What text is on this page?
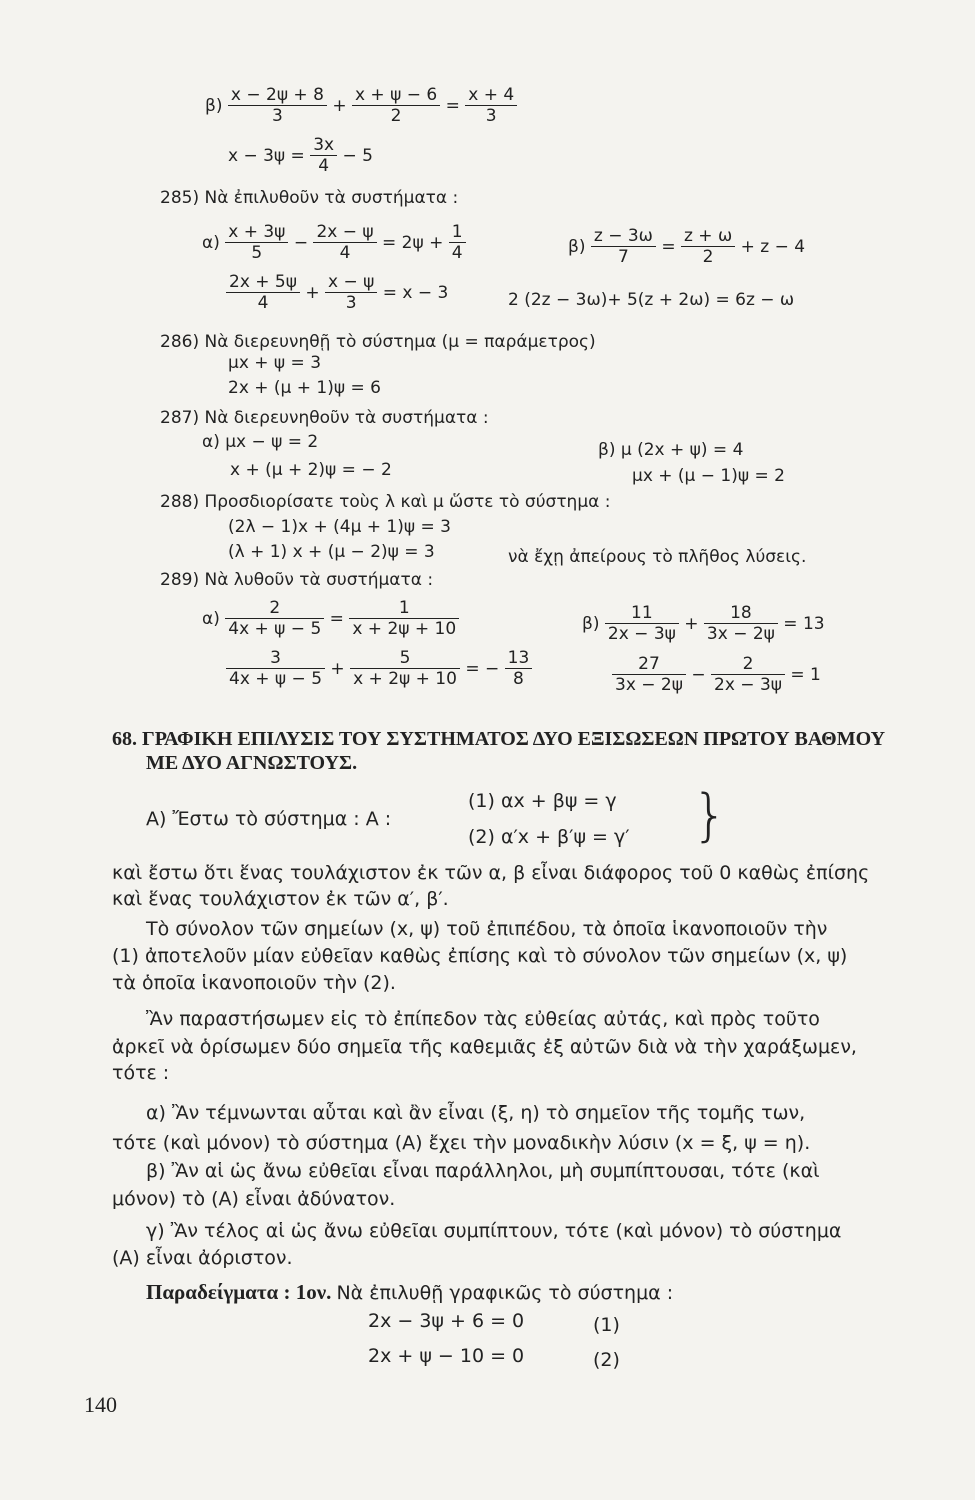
$\beta) \frac{x - 2\psi + 8}{3} + \frac{x + \psi - 6}{2} = \frac{x + 4}{3}$
$x - 3\psi = \frac{3x}{4} - 5$
285) Νὰ ἐπιλυθοῦν τὰ συστήματα :
$\alpha) \frac{x + 3\psi}{5} - \frac{2x - \psi}{4} = 2\psi + \frac{1}{4}$
$\frac{2x + 5\psi}{4} + \frac{x - \psi}{3} = x - 3$
$\beta) \frac{z - 3\omega}{7} = \frac{z + \omega}{2} + z - 4$
2 (2z − 3ω)+ 5(z + 2ω) = 6z − ω
286) Νὰ διερευνηθῇ τὸ σύστημα (μ = παράμετρος)
μx + ψ = 3
2x + (μ + 1)ψ = 6
287) Νὰ διερευνηθοῦν τὰ συστήματα :
α) μx − ψ = 2
x + (μ + 2)ψ = − 2
β) μ (2x + ψ) = 4
μx + (μ − 1)ψ = 2
288) Προσδιορίσατε τοὺς λ καὶ μ ὥστε τὸ σύστημα :
(2λ − 1)x + (4μ + 1)ψ = 3
(λ + 1) x + (μ − 2)ψ = 3	νὰ ἔχῃ ἀπείρους τὸ πλῆθος λύσεις.
289) Νὰ λυθοῦν τὰ συστήματα :
$\alpha) \frac{2}{4x + \psi - 5} = \frac{1}{x + 2\psi + 10}$
$\frac{3}{4x + \psi - 5} + \frac{5}{x + 2\psi + 10}$ = − $\frac{13}{8}$
$\beta) \frac{11}{2x - 3\psi} + \frac{18}{3x - 2\psi} = 13$
$\frac{27}{3x - 2\psi} - \frac{2}{2x - 3\psi} = 1$
68. ΓΡΑΦΙΚΗ ΕΠΙΛΥΣΙΣ ΤΟΥ ΣΥΣΤΗΜΑΤΟΣ ΔΥΟ ΕΞΙΣΩΣΕΩΝ ΠΡΩΤΟΥ ΒΑΘΜΟΥ
ΜΕ ΔΥΟ ΑΓΝΩΣΤΟΥΣ.
Α) Ἔστω τὸ σύστημα : Α :
(1) αx + βψ = γ
(2) α′x + β′ψ = γ′ }
καὶ ἔστω ὅτι ἕνας τουλάχιστον ἐκ τῶν α, β εἶναι διάφορος τοῦ 0 καθὼς ἐπίσης
καὶ ἕνας τουλάχιστον ἐκ τῶν α′, β′.
Τὸ σύνολον τῶν σημείων (x, ψ) τοῦ ἐπιπέδου, τὰ ὁποῖα ἱκανοποιοῦν τὴν
(1) ἀποτελοῦν μίαν εὐθεῖαν καθὼς ἐπίσης καὶ τὸ σύνολον τῶν σημείων (x, ψ)
τὰ ὁποῖα ἱκανοποιοῦν τὴν (2).
Ἂν παραστήσωμεν εἰς τὸ ἐπίπεδον τὰς εὐθείας αὐτάς, καὶ πρὸς τοῦτο
ἀρκεῖ νὰ ὁρίσωμεν δύο σημεῖα τῆς καθεμιᾶς ἐξ αὐτῶν διὰ νὰ τὴν χαράξωμεν,
τότε :
α) Ἂν τέμνωνται αὗται καὶ ἂν εἶναι (ξ, η) τὸ σημεῖον τῆς τομῆς των,
τότε (καὶ μόνον) τὸ σύστημα (Α) ἔχει τὴν μοναδικὴν λύσιν (x = ξ, ψ = η).
β) Ἂν αἱ ὡς ἄνω εὐθεῖαι εἶναι παράλληλοι, μὴ συμπίπτουσαι, τότε (καὶ
μόνον) τὸ (Α) εἶναι ἀδύνατον.
γ) Ἂν τέλος αἱ ὡς ἄνω εὐθεῖαι συμπίπτουν, τότε (καὶ μόνον) τὸ σύστημα
(Α) εἶναι ἀόριστον.
Παραδείγματα : 1ον. Νὰ ἐπιλυθῇ γραφικῶς τὸ σύστημα :
2x − 3ψ + 6 = 0	(1)
2x + ψ − 10 = 0	(2)
140
